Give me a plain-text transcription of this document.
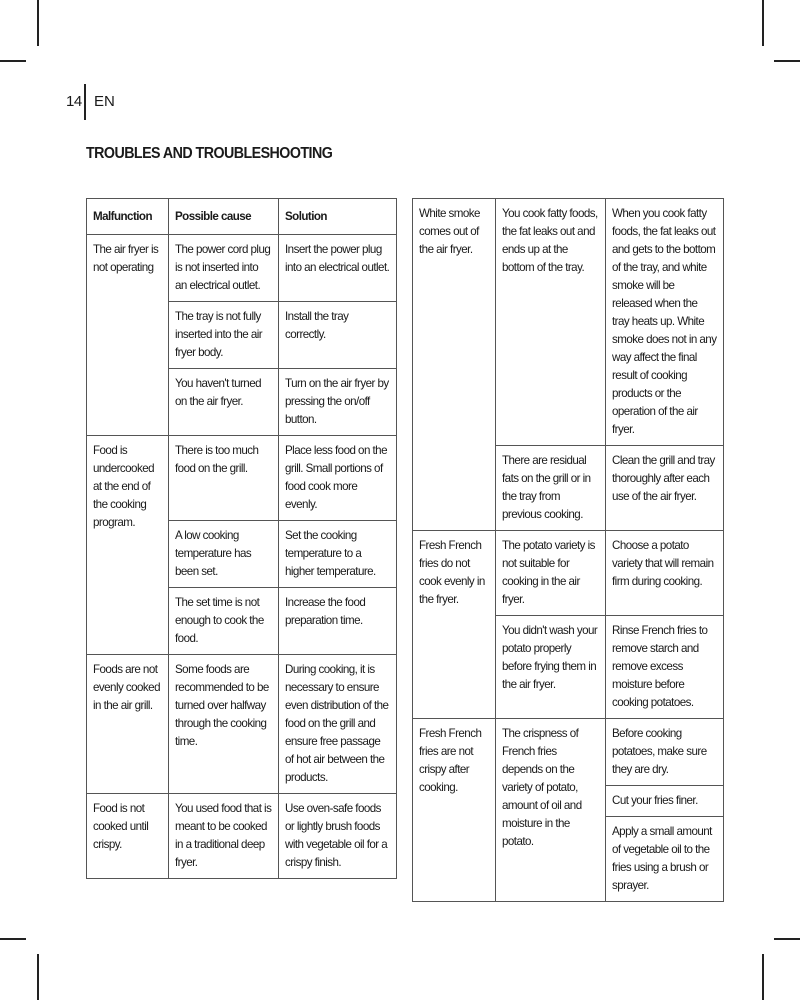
14 EN
TROUBLES AND TROUBLESHOOTING
Malfunction	Possible cause	Solution
The air fryer is not operating	The power cord plug is not inserted into an electrical outlet.	Insert the power plug into an electrical outlet.
	The tray is not fully inserted into the air fryer body.	Install the tray correctly.
	You haven't turned on the air fryer.	Turn on the air fryer by pressing the on/off button.
Food is undercooked at the end of the cooking program.	There is too much food on the grill.	Place less food on the grill. Small portions of food cook more evenly.
	A low cooking temperature has been set.	Set the cooking temperature to a higher temperature.
	The set time is not enough to cook the food.	Increase the food preparation time.
Foods are not evenly cooked in the air grill.	Some foods are recommended to be turned over halfway through the cooking time.	During cooking, it is necessary to ensure even distribution of the food on the grill and ensure free passage of hot air between the products.
Food is not cooked until crispy.	You used food that is meant to be cooked in a traditional deep fryer.	Use oven-safe foods or lightly brush foods with vegetable oil for a crispy finish.
White smoke comes out of the air fryer.	You cook fatty foods, the fat leaks out and ends up at the bottom of the tray.	When you cook fatty foods, the fat leaks out and gets to the bottom of the tray, and white smoke will be released when the tray heats up. White smoke does not in any way affect the final result of cooking products or the operation of the air fryer.
	There are residual fats on the grill or in the tray from previous cooking.	Clean the grill and tray thoroughly after each use of the air fryer.
Fresh French fries do not cook evenly in the fryer.	The potato variety is not suitable for cooking in the air fryer.	Choose a potato variety that will remain firm during cooking.
	You didn't wash your potato properly before frying them in the air fryer.	Rinse French fries to remove starch and remove excess moisture before cooking potatoes.
Fresh French fries are not crispy after cooking.	The crispness of French fries depends on the variety of potato, amount of oil and moisture in the potato.	Before cooking potatoes, make sure they are dry.
		Cut your fries finer.
		Apply a small amount of vegetable oil to the fries using a brush or sprayer.
